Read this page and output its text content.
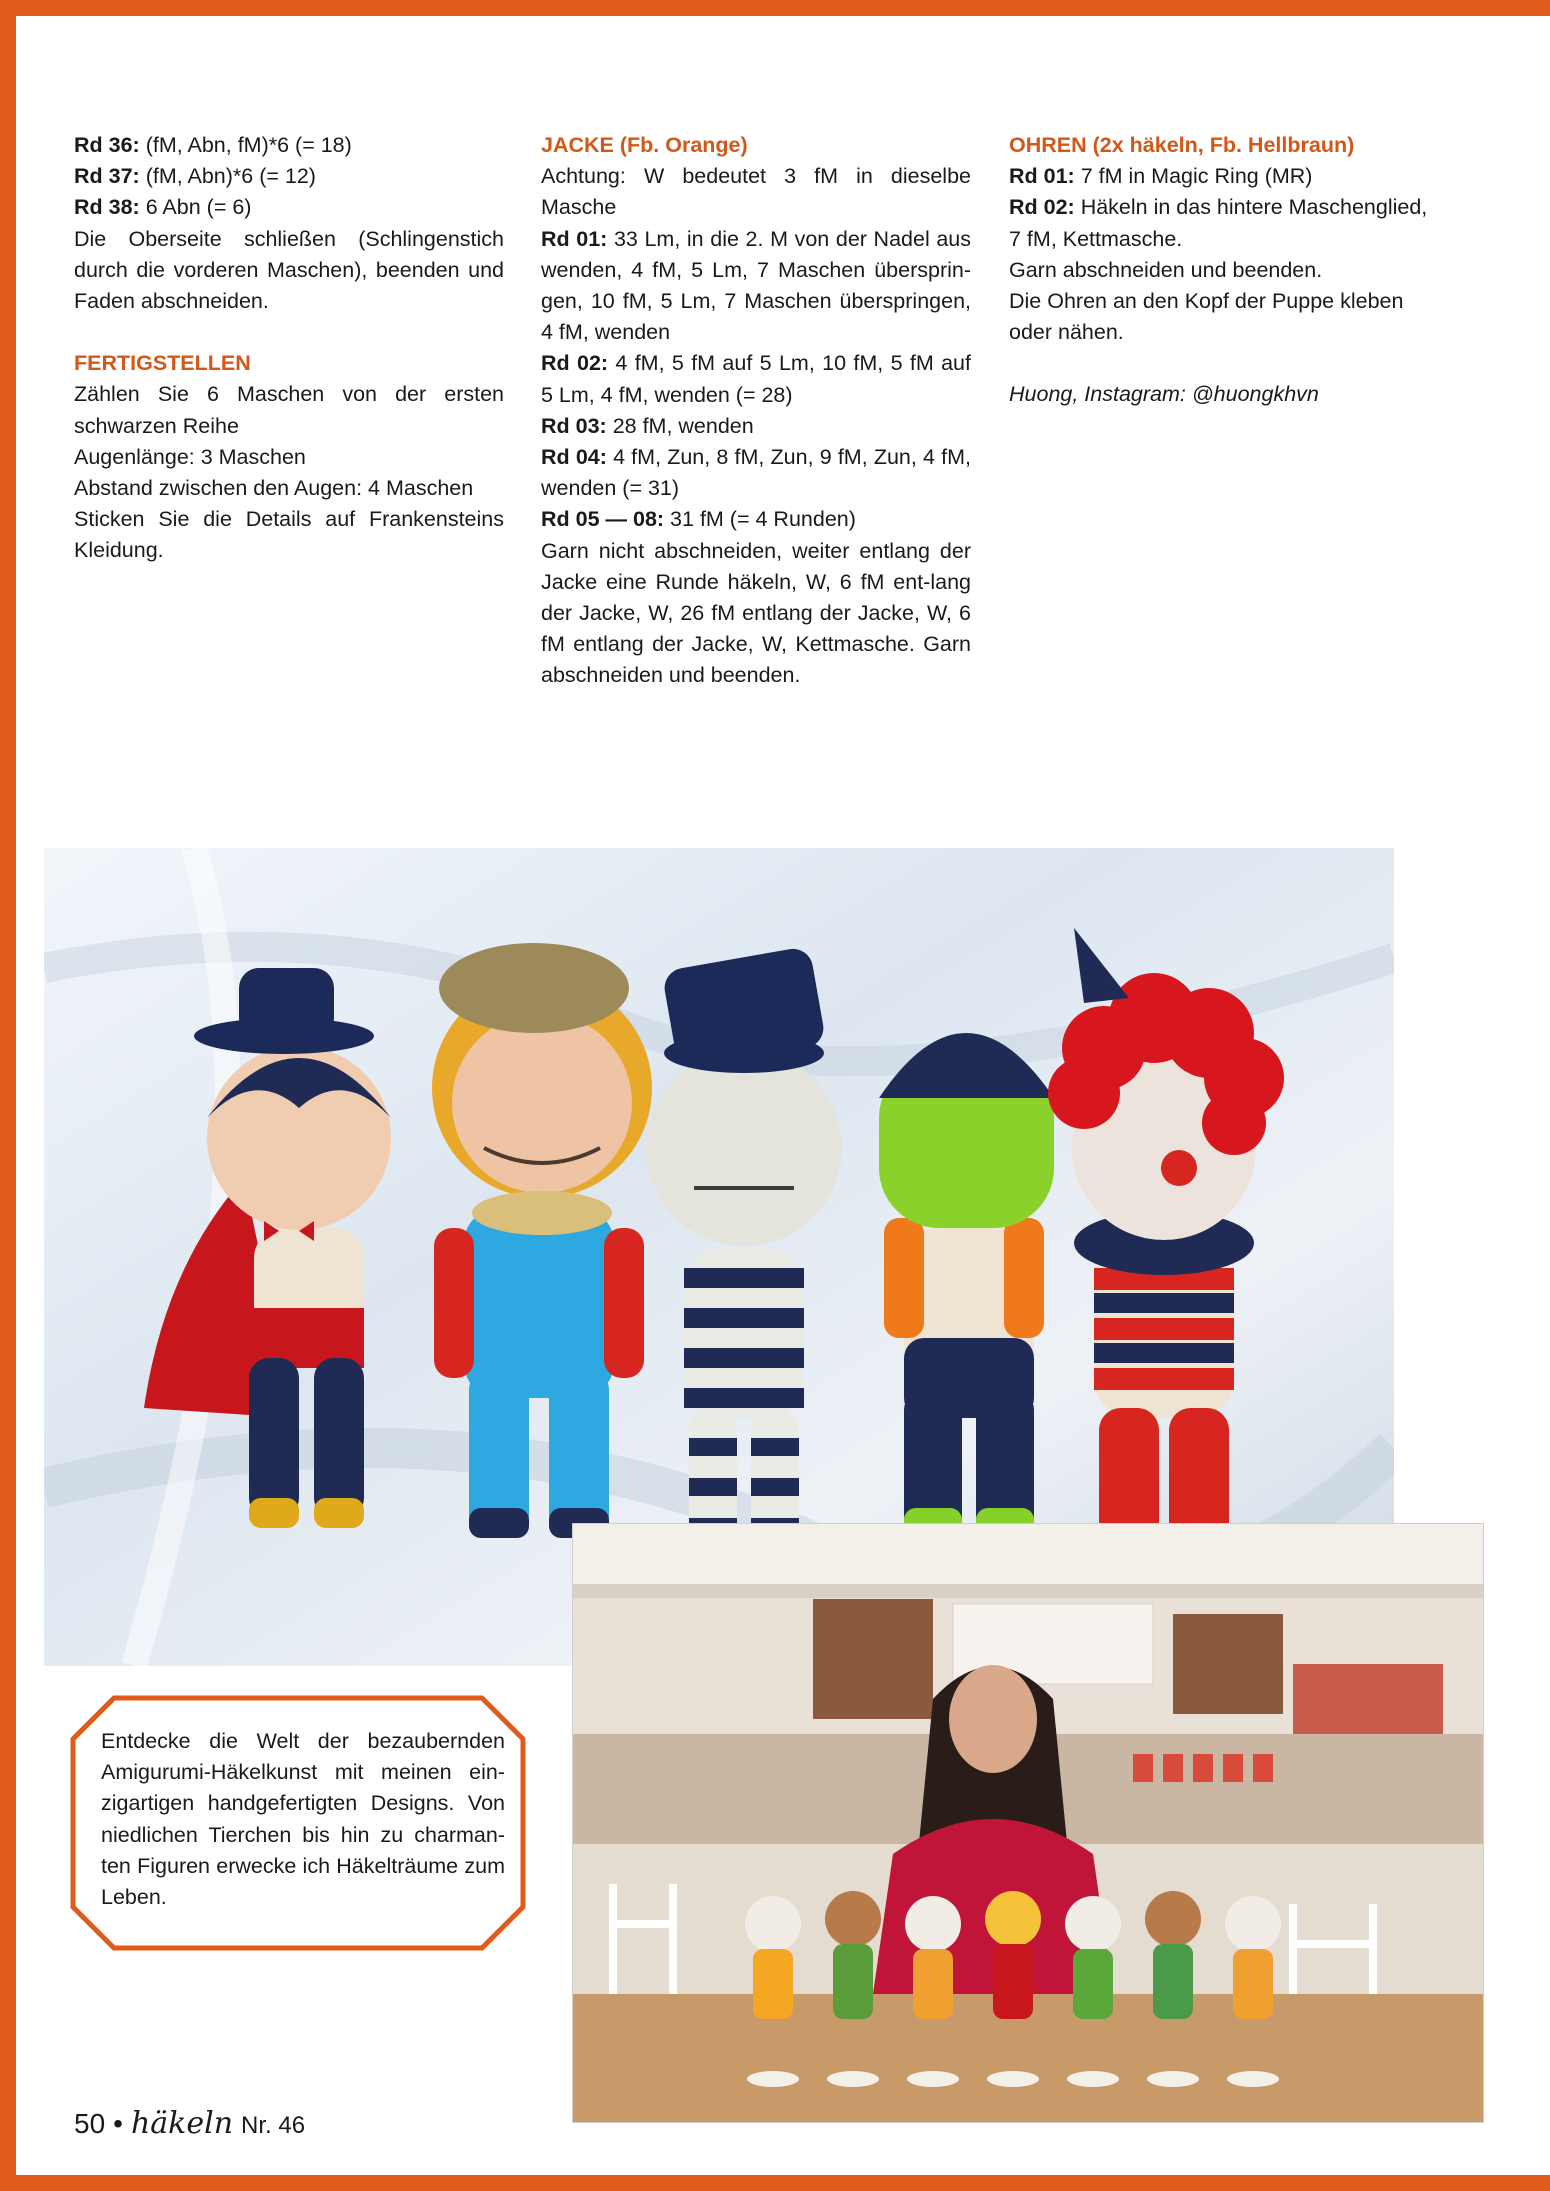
Rd 36: (fM, Abn, fM)*6 (= 18)

Rd 37: (fM, Abn)*6 (= 12)

Rd 38: 6 Abn (= 6)

Die Oberseite schließen (Schlingenstich durch die vorderen Maschen), beenden und Faden abschneiden.

FERTIGSTELLEN

Zählen Sie 6 Maschen von der ersten schwarzen Reihe

Augenlänge: 3 Maschen

Abstand zwischen den Augen: 4 Maschen

Sticken Sie die Details auf Frankensteins Kleidung.

JACKE (Fb. Orange)

Achtung: W bedeutet 3 fM in dieselbe Masche

Rd 01: 33 Lm, in die 2. M von der Nadel aus wenden, 4 fM, 5 Lm, 7 Maschen übersprin-gen, 10 fM, 5 Lm, 7 Maschen überspringen, 4 fM, wenden

Rd 02: 4 fM, 5 fM auf 5 Lm, 10 fM, 5 fM auf 5 Lm, 4 fM, wenden (= 28)

Rd 03: 28 fM, wenden

Rd 04: 4 fM, Zun, 8 fM, Zun, 9 fM, Zun, 4 fM, wenden (= 31)

Rd 05 — 08: 31 fM (= 4 Runden)

Garn nicht abschneiden, weiter entlang der Jacke eine Runde häkeln, W, 6 fM ent-lang der Jacke, W, 26 fM entlang der Jacke, W, 6 fM entlang der Jacke, W, Kettmasche. Garn abschneiden und beenden.

OHREN (2x häkeln, Fb. Hellbraun)

Rd 01: 7 fM in Magic Ring (MR)

Rd 02: Häkeln in das hintere Maschenglied, 7 fM, Kettmasche.

Garn abschneiden und beenden.

Die Ohren an den Kopf der Puppe kleben oder nähen.

Huong, Instagram: @huongkhvn

Entdecke die Welt der bezaubernden Amigurumi-Häkelkunst mit meinen ein-zigartigen handgefertigten Designs. Von niedlichen Tierchen bis hin zu charman-ten Figuren erwecke ich Häkelträume zum Leben.
50 • häkeln Nr. 46
